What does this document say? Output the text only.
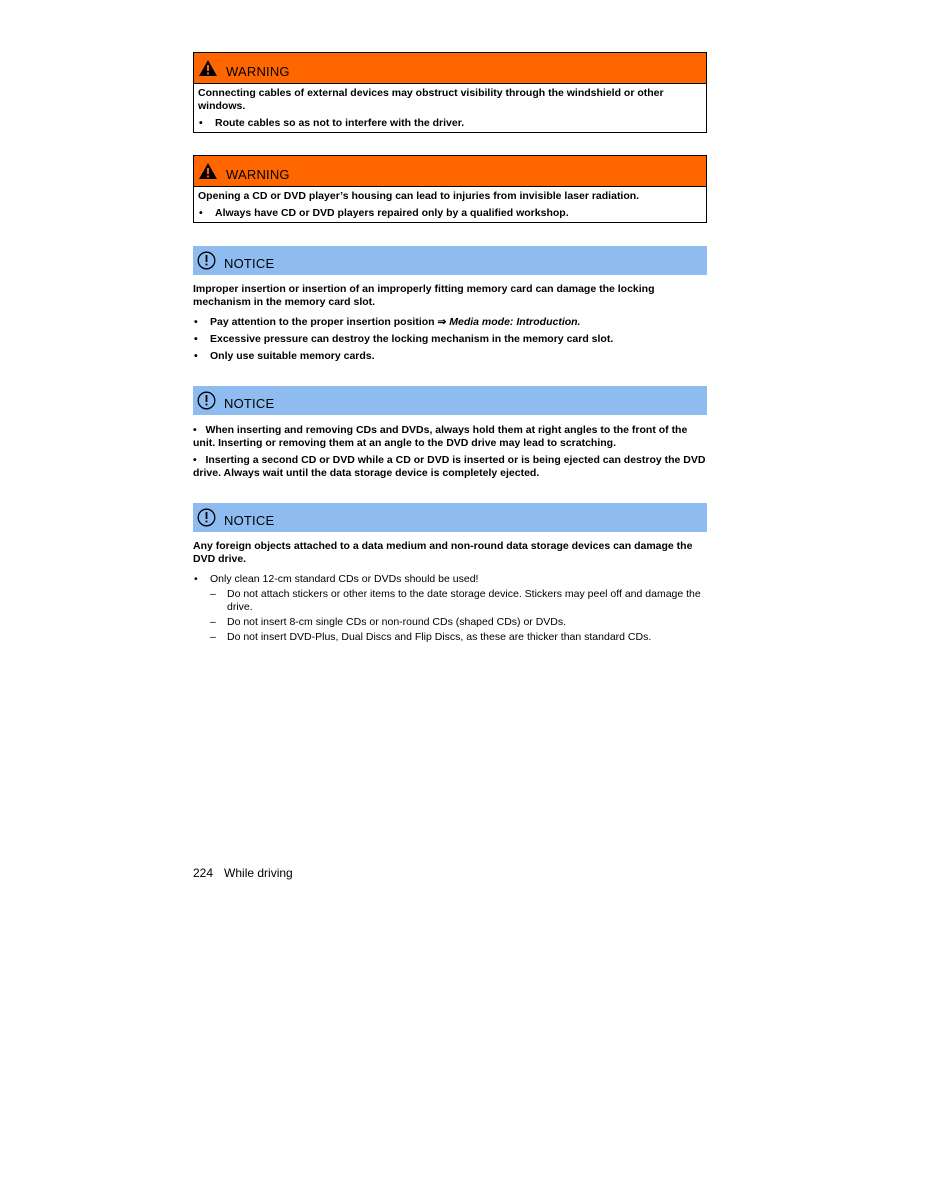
WARNING
Connecting cables of external devices may obstruct visibility through the windshield or other windows.
•	Route cables so as not to interfere with the driver.
WARNING
Opening a CD or DVD player’s housing can lead to injuries from invisible laser radiation.
•	Always have CD or DVD players repaired only by a qualified workshop.
NOTICE
Improper insertion or insertion of an improperly fitting memory card can damage the locking mechanism in the memory card slot.
•	Pay attention to the proper insertion position ⇒ Media mode: Introduction.
•	Excessive pressure can destroy the locking mechanism in the memory card slot.
•	Only use suitable memory cards.
NOTICE
•   When inserting and removing CDs and DVDs, always hold them at right angles to the front of the unit. Inserting or removing them at an angle to the DVD drive may lead to scratching.
•   Inserting a second CD or DVD while a CD or DVD is inserted or is being ejected can destroy the DVD drive. Always wait until the data storage device is completely ejected.
NOTICE
Any foreign objects attached to a data medium and non-round data storage devices can damage the DVD drive.
•	Only clean 12-cm standard CDs or DVDs should be used!
–	Do not attach stickers or other items to the date storage device. Stickers may peel off and damage the drive.
–	Do not insert 8-cm single CDs or non-round CDs (shaped CDs) or DVDs.
–	Do not insert DVD-Plus, Dual Discs and Flip Discs, as these are thicker than standard CDs.
224 While driving
